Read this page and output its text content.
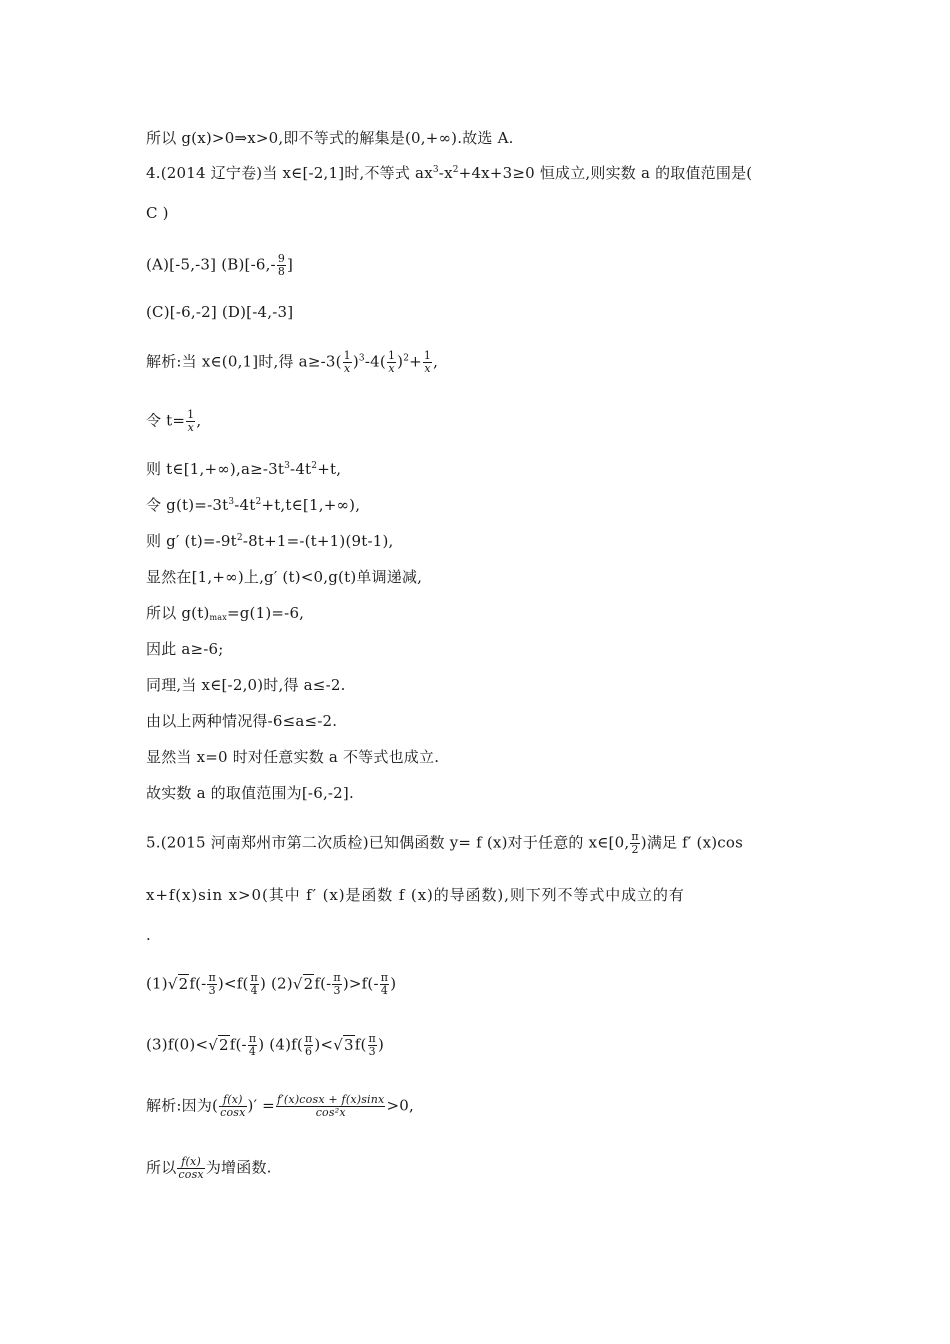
所以 g(x)>0⇒x>0,即不等式的解集是(0,+∞).故选 A.
4.(2014 辽宁卷)当 x∈[-2,1]时,不等式 $ax^3-x^2+4x+3\ge 0$ 恒成立,则实数 a 的取值范围是(
C )
(A)[-5,-3] $(B)[-6,- \frac{9}{8}$ ]
(C)[-6,-2] (D)[-4,-3]
解析:当 x∈(0,1]时,得 $a\ge-3( \frac{1}{x} )^3-4( \frac{1}{x} )^2+ \frac{1}{x}$ ,
令 $t= \frac{1}{x}$ ,
则 $t\in[1,+\infty),a\ge-3t^3-4t^2+t$,
令 $g(t)=-3t^3-4t^2+t,t\in[1,+\infty)$,
则 g′ $(t)=-9t^2-8t+1=-(t+1)(9t-1)$,
显然在[1,+∞)上,g′ (t)<0,g(t)单调递减,
所以 $g(t)_{max}=g(1)=-6$,
因此 a≥-6;
同理,当 x∈[-2,0)时,得 a≤-2.
由以上两种情况得-6≤a≤-2.
显然当 x=0 时对任意实数 a 不等式也成立.
故实数 a 的取值范围为[-6,-2].
5.(2015 河南郑州市第二次质检)已知偶函数 y= f (x)对于任意的 x∈[0, $\frac{\pi}{2}$ )满足 f′ (x)cos
x+f(x)sin x>0(其中 f′ (x)是函数 f (x)的导函数),则下列不等式中成立的有
.
$(1)√2f(- \frac{\pi}{3} )<f( \frac{\pi}{4}$ ) $(2)√2f(- \frac{\pi}{3} )>f(- \frac{\pi}{4}$ )
$(3)f(0)<√2f(- \frac{\pi}{4}$ ) $(4)f( \frac{\pi}{6} )<√3f( \frac{\pi}{3}$ )
解析:因为( $\frac{f(x)}{\cos x}$ )′ = $\frac{f'(x)\cos x + f(x)\sin x}{\text{cos²x}} >0$,
所以 $\frac{f(x)}{\cos x}$ 为增函数.
